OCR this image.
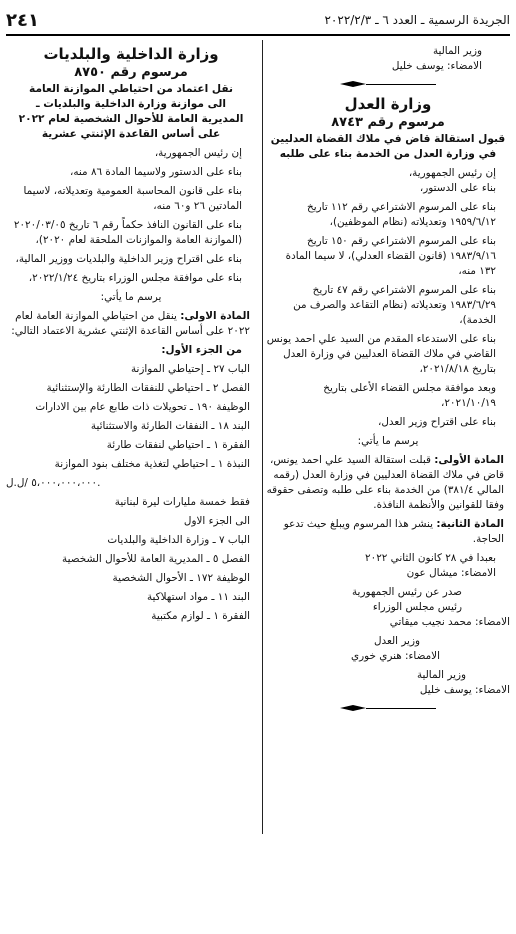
٢٤١	الجريدة الرسمية ـ العدد ٦ ـ ٢٠٢٢/٢/٣

وزير المالية

الامضاء: يوسف خليل

وزارة العدل

مرسوم رقم ٨٧٤٣

قبول استقالة قاض في ملاك القضاة العدليين

في وزارة العدل من الخدمة بناء على طلبه

إن رئيس الجمهورية،

بناء على الدستور،

بناء على المرسوم الاشتراعي رقم ١١٢ تاريخ ١٩٥٩/٦/١٢ وتعديلاته (نظام الموظفين)،

بناء على المرسوم الاشتراعي رقم ١٥٠ تاريخ ١٩٨٣/٩/١٦ (قانون القضاء العدلي)، لا سيما المادة ١٣٢ منه،

بناء على المرسوم الاشتراعي رقم ٤٧ تاريخ ١٩٨٣/٦/٢٩ وتعديلاته (نظام التقاعد والصرف من الخدمة)،

بناء على الاستدعاء المقدم من السيد علي احمد يونس القاضي في ملاك القضاة العدليين في وزارة العدل بتاريخ ٢٠٢١/٨/١٨،

وبعد موافقة مجلس القضاء الأعلى بتاريخ ٢٠٢١/١٠/١٩،

بناء على اقتراح وزير العدل،

يرسم ما يأتي:

المادة الأولى: قبلت استقالة السيد علي احمد يونس، قاض في ملاك القضاة العدليين في وزارة العدل (رقمه المالي ٣٨١/٤) من الخدمة بناء على طلبه وتصفى حقوقه وفقا للقوانين والأنظمة النافذة.

المادة الثانية: ينشر هذا المرسوم ويبلغ حيث تدعو الحاجة.

بعبدا في ٢٨ كانون الثاني ٢٠٢٢

الامضاء: ميشال عون

صدر عن رئيس الجمهورية

رئيس مجلس الوزراء

الامضاء: محمد نجيب ميقاتي

وزير العدل

الامضاء: هنري خوري

وزير المالية

الامضاء: يوسف خليل

وزارة الداخلية والبلديات

مرسوم رقم ٨٧٥٠

نقل اعتماد من احتياطي الموازنة العامة

الى موازنة وزارة الداخلية والبلديات ـ

المديرية العامة للأحوال الشخصية لعام ٢٠٢٢

على أساس القاعدة الإثنتي عشرية

إن رئيس الجمهورية،

بناء على الدستور ولاسيما المادة ٨٦ منه،

بناء على قانون المحاسبة العمومية وتعديلاته، لاسيما المادتين ٢٦ و٦٠ منه،

بناء على القانون النافذ حكماً رقم ٦ تاريخ ٢٠٢٠/٠٣/٠٥ (الموازنة العامة والموازنات الملحقة لعام ٢٠٢٠)،

بناء على اقتراح وزير الداخلية والبلديات ووزير المالية،

بناء على موافقة مجلس الوزراء بتاريخ ٢٠٢٢/١/٢٤،

يرسم ما يأتي:

المادة الاولى: ينقل من احتياطي الموازنة العامة لعام ٢٠٢٢ على أساس القاعدة الإثنتي عشرية الاعتماد التالي:

من الجزء الأول:

الباب ٢٧ ـ إحتياطي الموازنة

الفصل ٢ ـ احتياطي للنفقات الطارئة والإستثنائية

الوظيفة ١٩٠ ـ تحويلات ذات طابع عام بين الادارات

البند ١٨ ـ النفقات الطارئة والاستثنائية

الفقرة ١ ـ احتياطي لنفقات طارئة

النبذة ١ ـ احتياطي لتغذية مختلف بنود الموازنة

٥،٠٠٠،٠٠٠،٠٠٠ /ل.ل.

فقط خمسة مليارات ليرة لبنانية

الى الجزء الاول

الباب ٧ ـ وزارة الداخلية والبلديات

الفصل ٥ ـ المديرية العامة للأحوال الشخصية

الوظيفة ١٧٢ ـ الأحوال الشخصية

البند ١١ ـ مواد استهلاكية

الفقرة ١ ـ لوازم مكتبية
